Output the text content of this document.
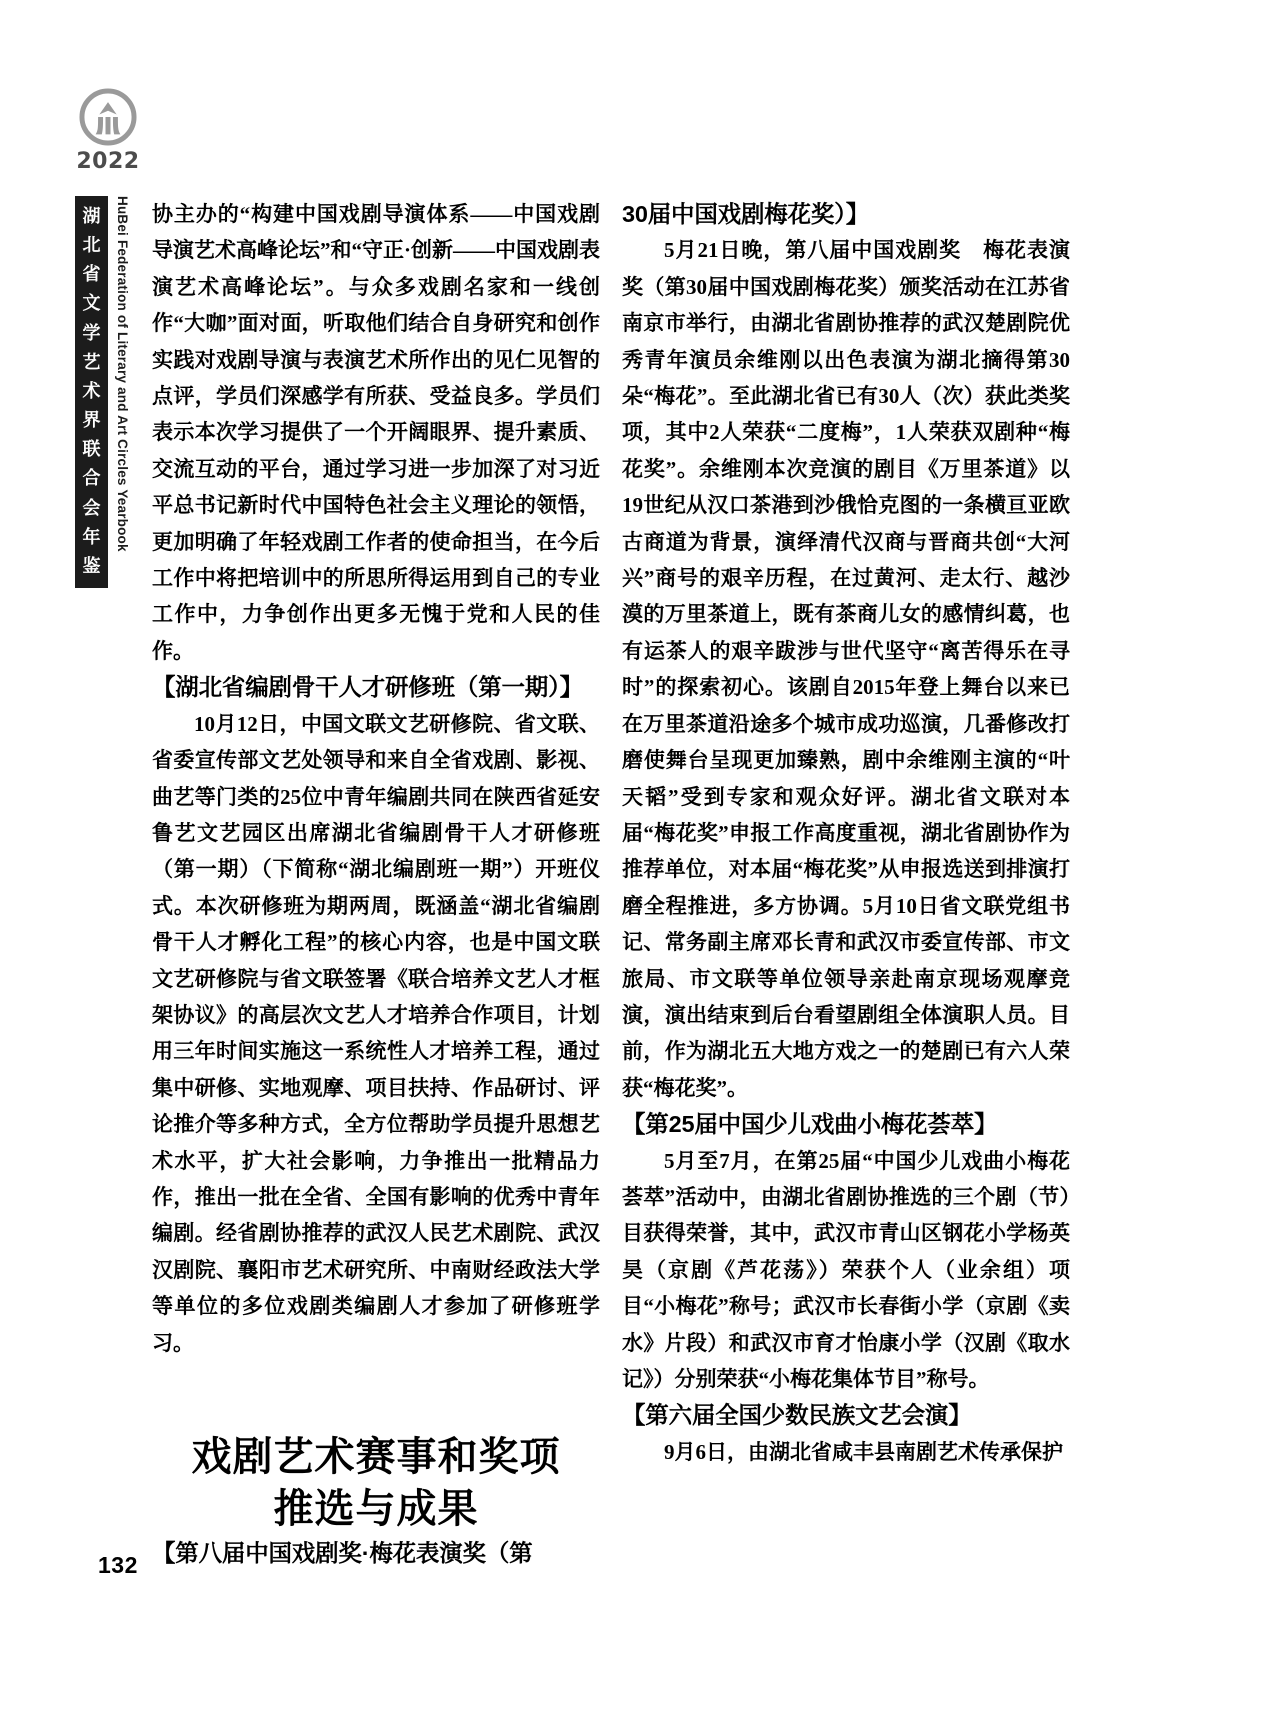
2022
湖北省文学艺术界联合会年鉴
HuBei Federation of Literary and Art Circles Yearbook 协主办的“构建中国戏剧导演体系——中国戏剧导演艺术高峰论坛”和“守正·创新——中国戏剧表演艺术高峰论坛”。与众多戏剧名家和一线创作“大咖”面对面，听取他们结合自身研究和创作实践对戏剧导演与表演艺术所作出的见仁见智的点评，学员们深感学有所获、受益良多。学员们表示本次学习提供了一个开阔眼界、提升素质、交流互动的平台，通过学习进一步加深了对习近平总书记新时代中国特色社会主义理论的领悟，更加明确了年轻戏剧工作者的使命担当，在今后工作中将把培训中的所思所得运用到自己的专业工作中，力争创作出更多无愧于党和人民的佳作。

【湖北省编剧骨干人才研修班（第一期）】

10月12日，中国文联文艺研修院、省文联、省委宣传部文艺处领导和来自全省戏剧、影视、曲艺等门类的25位中青年编剧共同在陕西省延安鲁艺文艺园区出席湖北省编剧骨干人才研修班（第一期）（下简称“湖北编剧班一期”）开班仪式。本次研修班为期两周，既涵盖“湖北省编剧骨干人才孵化工程”的核心内容，也是中国文联文艺研修院与省文联签署《联合培养文艺人才框架协议》的高层次文艺人才培养合作项目，计划用三年时间实施这一系统性人才培养工程，通过集中研修、实地观摩、项目扶持、作品研讨、评论推介等多种方式，全方位帮助学员提升思想艺术水平，扩大社会影响，力争推出一批精品力作，推出一批在全省、全国有影响的优秀中青年编剧。经省剧协推荐的武汉人民艺术剧院、武汉汉剧院、襄阳市艺术研究所、中南财经政法大学等单位的多位戏剧类编剧人才参加了研修班学习。

戏剧艺术赛事和奖项
推选与成果
【第八届中国戏剧奖·梅花表演奖（第
30届中国戏剧梅花奖）】

5月21日晚，第八届中国戏剧奖　梅花表演奖（第30届中国戏剧梅花奖）颁奖活动在江苏省南京市举行，由湖北省剧协推荐的武汉楚剧院优秀青年演员余维刚以出色表演为湖北摘得第30朵“梅花”。至此湖北省已有30人（次）获此类奖项，其中2人荣获“二度梅”，1人荣获双剧种“梅花奖”。余维刚本次竞演的剧目《万里茶道》以19世纪从汉口茶港到沙俄恰克图的一条横亘亚欧古商道为背景，演绎清代汉商与晋商共创“大河兴”商号的艰辛历程，在过黄河、走太行、越沙漠的万里茶道上，既有茶商儿女的感情纠葛，也有运茶人的艰辛跋涉与世代坚守“离苦得乐在寻时”的探索初心。该剧自2015年登上舞台以来已在万里茶道沿途多个城市成功巡演，几番修改打磨使舞台呈现更加臻熟，剧中余维刚主演的“叶天韬”受到专家和观众好评。湖北省文联对本届“梅花奖”申报工作高度重视，湖北省剧协作为推荐单位，对本届“梅花奖”从申报选送到排演打磨全程推进，多方协调。5月10日省文联党组书记、常务副主席邓长青和武汉市委宣传部、市文旅局、市文联等单位领导亲赴南京现场观摩竞演，演出结束到后台看望剧组全体演职人员。目前，作为湖北五大地方戏之一的楚剧已有六人荣获“梅花奖”。

【第25届中国少儿戏曲小梅花荟萃】

5月至7月，在第25届“中国少儿戏曲小梅花荟萃”活动中，由湖北省剧协推选的三个剧（节）目获得荣誉，其中，武汉市青山区钢花小学杨英昊（京剧《芦花荡》）荣获个人（业余组）项目“小梅花”称号；武汉市长春街小学（京剧《卖水》片段）和武汉市育才怡康小学（汉剧《取水记》）分别荣获“小梅花集体节目”称号。

【第六届全国少数民族文艺会演】

9月6日，由湖北省咸丰县南剧艺术传承保护

132
